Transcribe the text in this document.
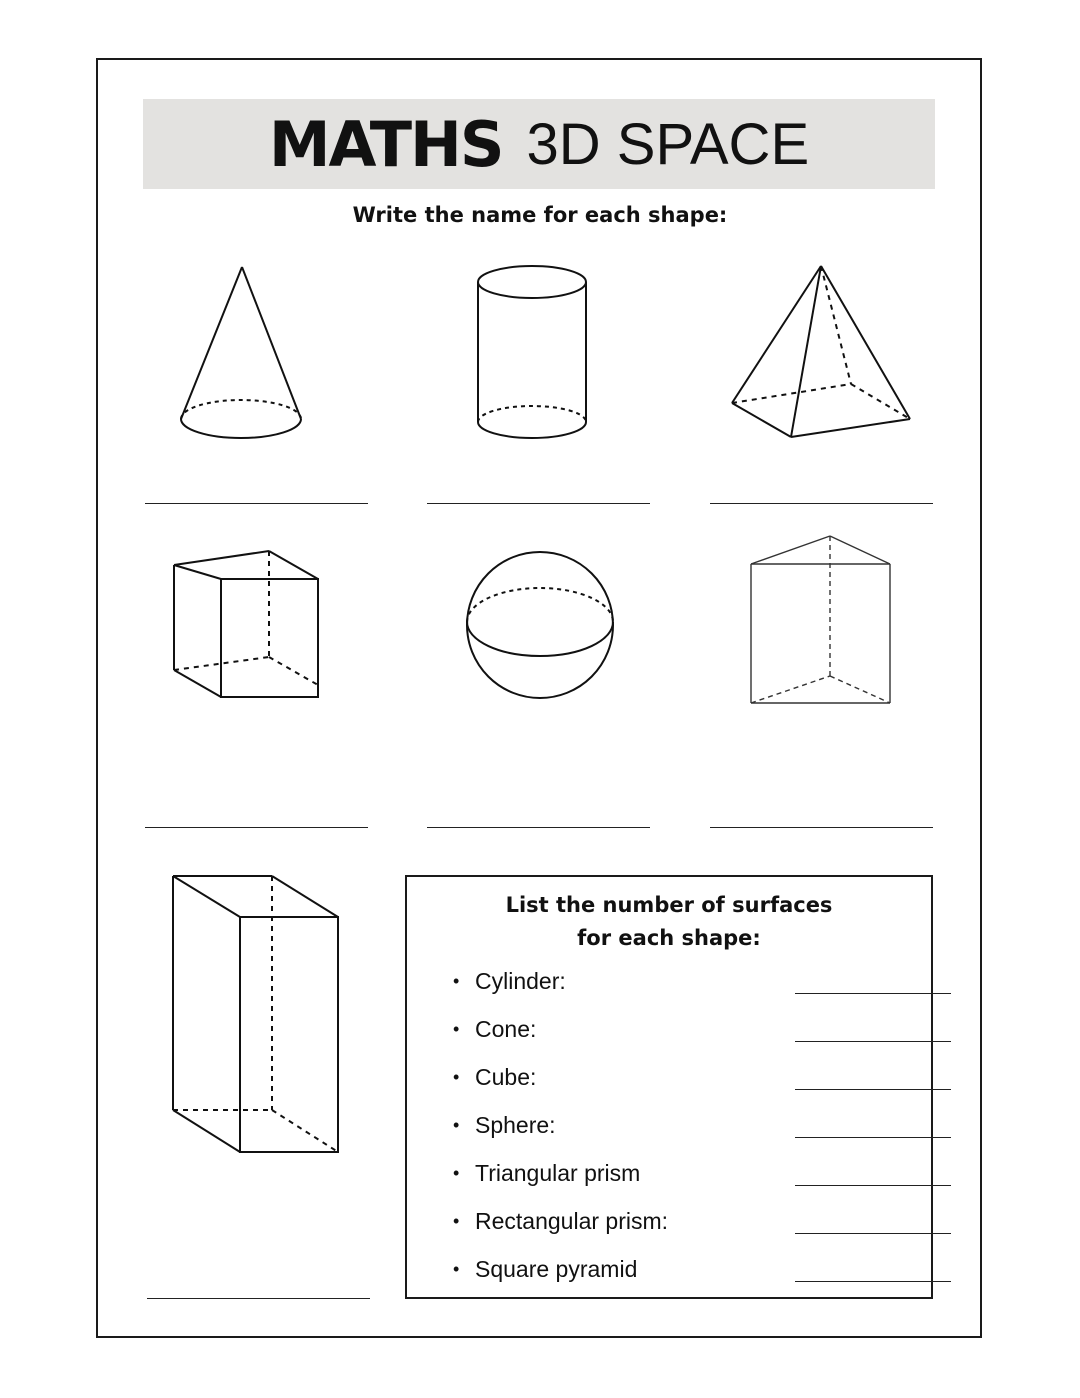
MATHS 3D SPACE
Write the name for each shape:
List the number of surfaces
for each shape:
• Cylinder:
• Cone:
• Cube:
• Sphere:
• Triangular prism
• Rectangular prism:
• Square pyramid
